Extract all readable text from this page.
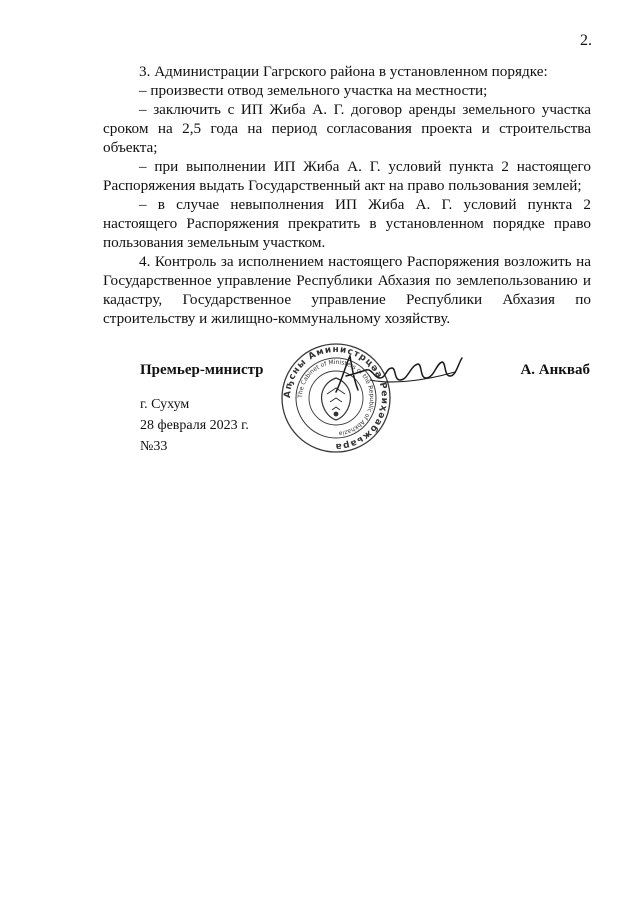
2.

3. Администрации Гагрского района в установленном порядке:

– произвести отвод земельного участка на местности;

– заключить с ИП Жиба А. Г. договор аренды земельного участка сроком на 2,5 года на период согласования проекта и строительства объекта;

– при выполнении ИП Жиба А. Г. условий пункта 2 настоящего Распоряжения выдать Государственный акт на право пользования землей;

– в случае невыполнения ИП Жиба А. Г. условий пункта 2 настоящего Распоряжения прекратить в установленном порядке право пользования земельным участком.

4. Контроль за исполнением настоящего Распоряжения возложить на Государственное управление Республики Абхазия по землепользованию и кадастру, Государственное управление Республики Абхазия по строительству и жилищно-коммунальному хозяйству.

Премьер-министр	А. Анкваб
Аҧсны Аминистрцәа Реиҳәабжьара
The Cabinet of Ministers of the Republic of Abkhazia
г. Сухум
28 февраля 2023 г.
№33
